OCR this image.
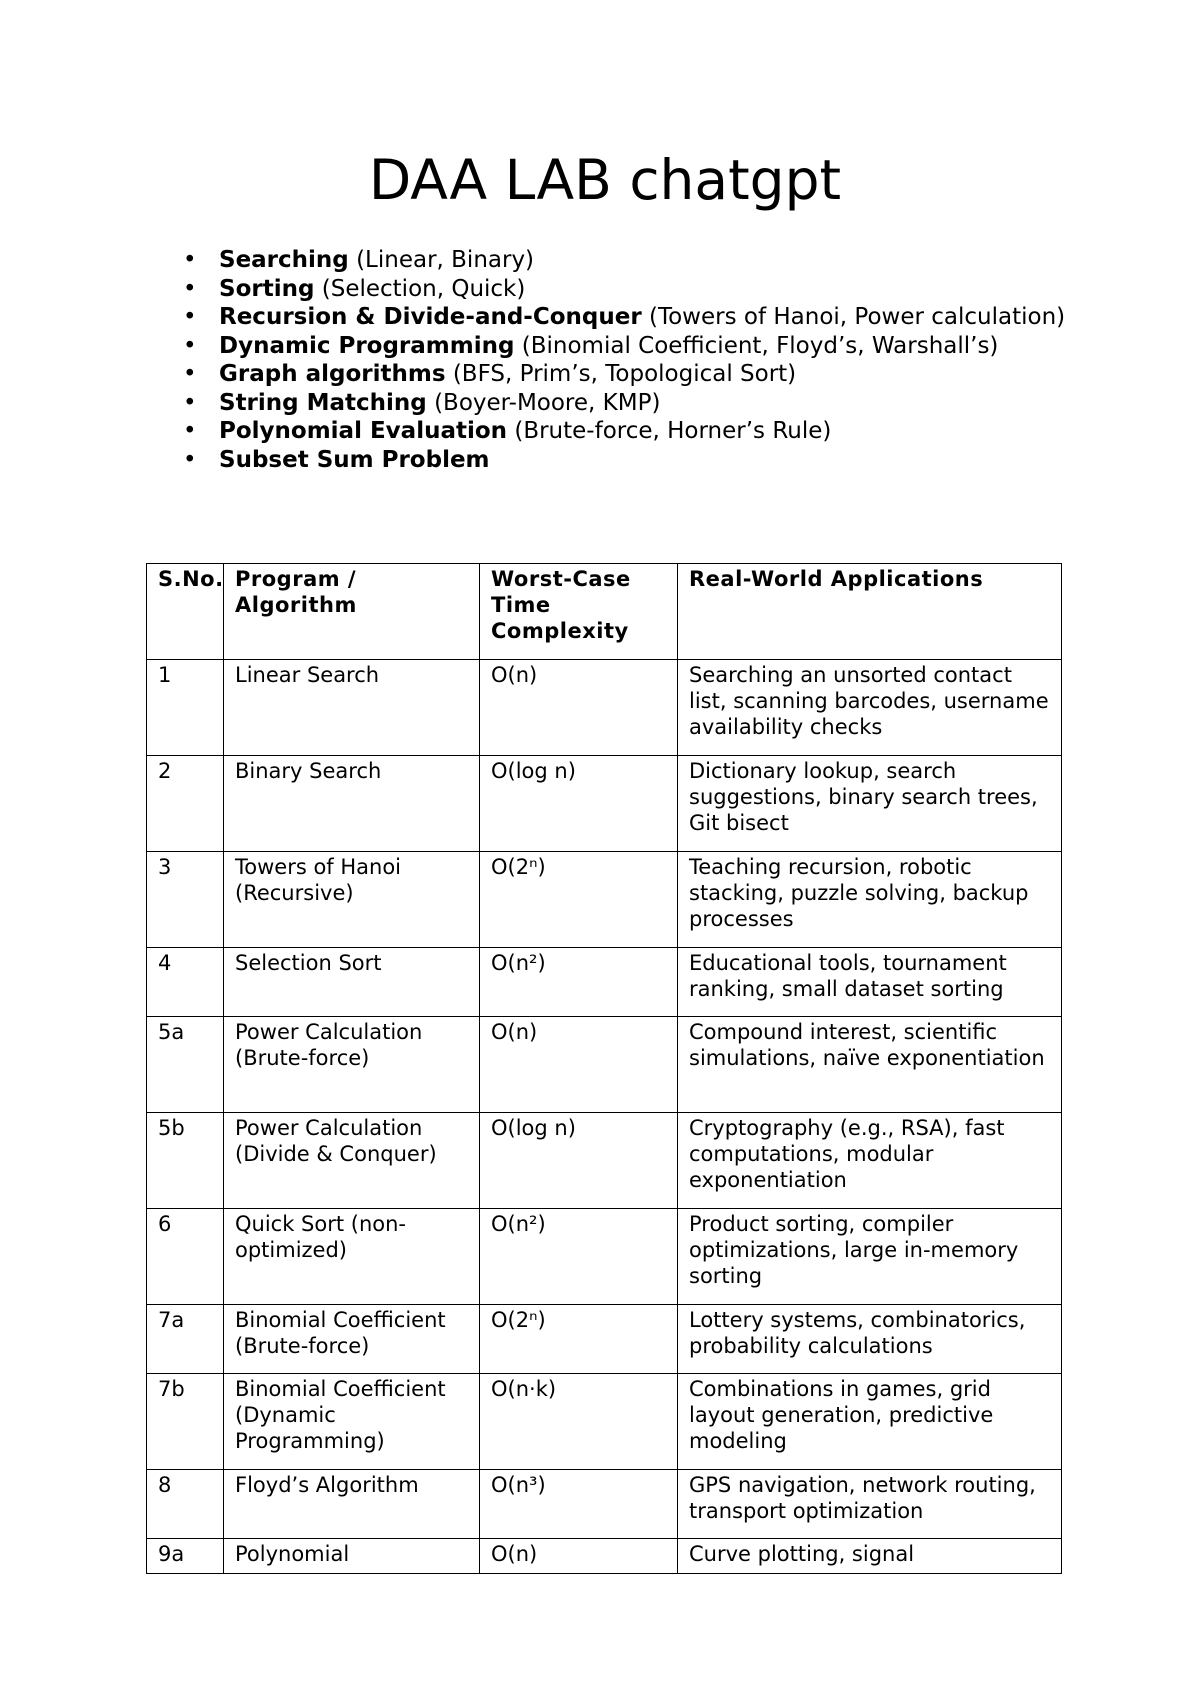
DAA LAB chatgpt
• Searching (Linear, Binary)
• Sorting (Selection, Quick)
• Recursion & Divide-and-Conquer (Towers of Hanoi, Power calculation)
• Dynamic Programming (Binomial Coefficient, Floyd’s, Warshall’s)
• Graph algorithms (BFS, Prim’s, Topological Sort)
• String Matching (Boyer-Moore, KMP)
• Polynomial Evaluation (Brute-force, Horner’s Rule)
• Subset Sum Problem
S.No.	Program / Algorithm	Worst-Case Time Complexity	Real-World Applications
1	Linear Search	O(n)	Searching an unsorted contact list, scanning barcodes, username availability checks
2	Binary Search	O(log n)	Dictionary lookup, search suggestions, binary search trees, Git bisect
3	Towers of Hanoi (Recursive)	O(2ⁿ)	Teaching recursion, robotic stacking, puzzle solving, backup processes
4	Selection Sort	O(n²)	Educational tools, tournament ranking, small dataset sorting
5a	Power Calculation (Brute-force)	O(n)	Compound interest, scientific simulations, naïve exponentiation
5b	Power Calculation (Divide & Conquer)	O(log n)	Cryptography (e.g., RSA), fast computations, modular exponentiation
6	Quick Sort (non-optimized)	O(n²)	Product sorting, compiler optimizations, large in-memory sorting
7a	Binomial Coefficient (Brute-force)	O(2ⁿ)	Lottery systems, combinatorics, probability calculations
7b	Binomial Coefficient (Dynamic Programming)	O(n·k)	Combinations in games, grid layout generation, predictive modeling
8	Floyd’s Algorithm	O(n³)	GPS navigation, network routing, transport optimization
9a	Polynomial	O(n)	Curve plotting, signal
